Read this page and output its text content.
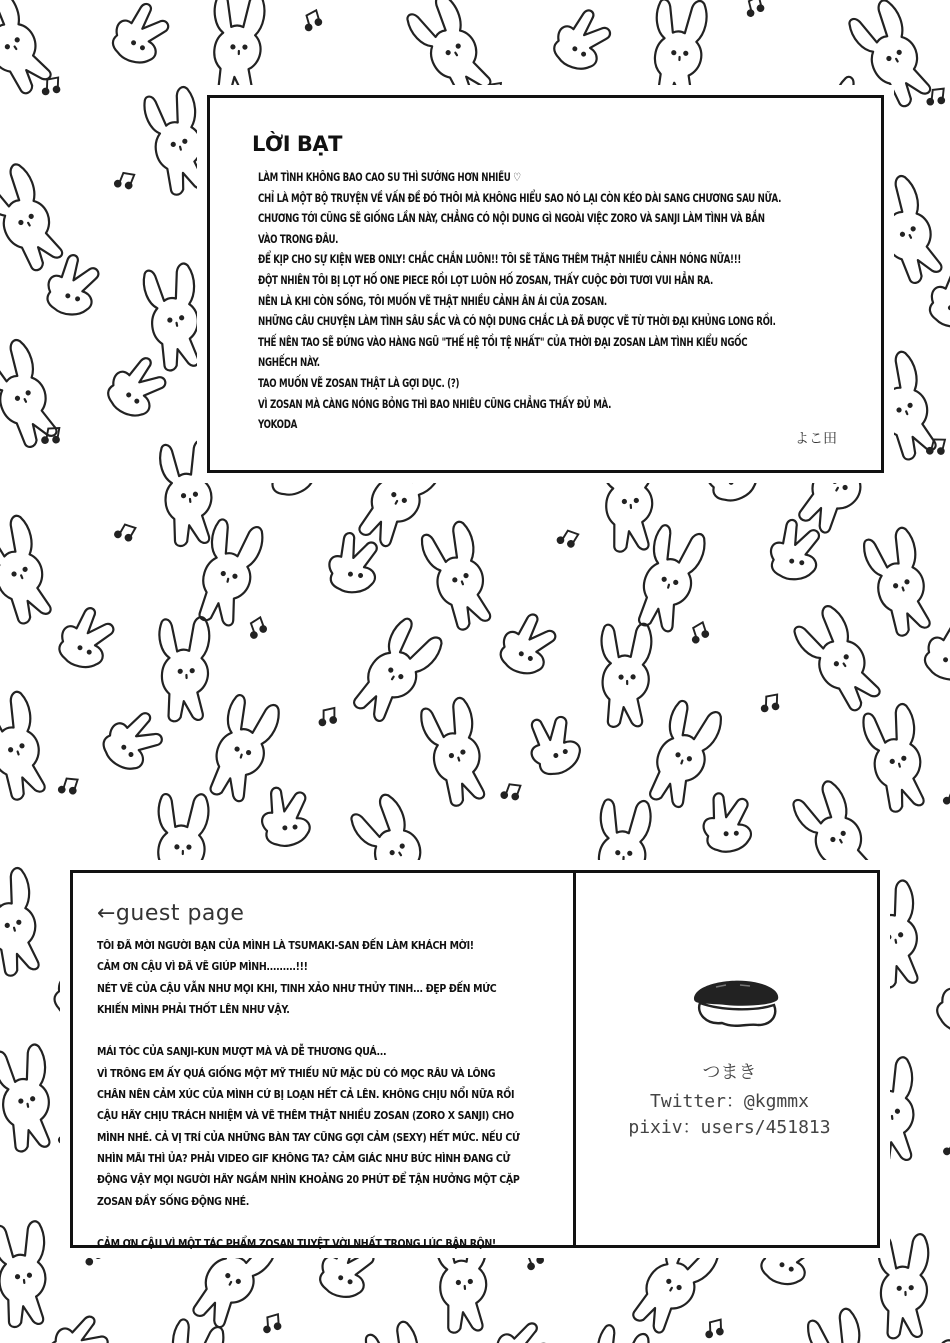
LỜI BẠT
LÀM TÌNH KHÔNG BAO CAO SU THÌ SƯỚNG HƠN NHIỀU ♡
CHỈ LÀ MỘT BỘ TRUYỆN VỀ VẤN ĐỀ ĐÓ THÔI MÀ KHÔNG HIỂU SAO NÓ LẠI CÒN KÉO DÀI SANG CHƯƠNG SAU NỮA.
CHƯƠNG TỚI CŨNG SẼ GIỐNG LẦN NÀY, CHẲNG CÓ NỘI DUNG GÌ NGOÀI VIỆC ZORO VÀ SANJI LÀM TÌNH VÀ BẮN
VÀO TRONG ĐÂU.
ĐỂ KỊP CHO SỰ KIỆN WEB ONLY! CHẮC CHẮN LUÔN!! TÔI SẼ TĂNG THÊM THẬT NHIỀU CẢNH NÓNG NỮA!!!
ĐỘT NHIÊN TÔI BỊ LỌT HỐ ONE PIECE RỒI LỌT LUÔN HỐ ZOSAN, THẤY CUỘC ĐỜI TƯƠI VUI HẲN RA.
NÊN LÀ KHI CÒN SỐNG, TÔI MUỐN VẼ THẬT NHIỀU CẢNH ÂN ÁI CỦA ZOSAN.
NHỮNG CÂU CHUYỆN LÀM TÌNH SÂU SẮC VÀ CÓ NỘI DUNG CHẮC LÀ ĐÃ ĐƯỢC VẼ TỪ THỜI ĐẠI KHỦNG LONG RỒI.
THẾ NÊN TAO SẼ ĐỨNG VÀO HÀNG NGŨ "THẾ HỆ TỒI TỆ NHẤT" CỦA THỜI ĐẠI ZOSAN LÀM TÌNH KIỂU NGỐC
NGHẾCH NÀY.
TAO MUỐN VẼ ZOSAN THẬT LÀ GỢI DỤC. (?)
VÌ ZOSAN MÀ CÀNG NÓNG BỎNG THÌ BAO NHIÊU CŨNG CHẲNG THẤY ĐỦ MÀ.
YOKODA
よこ田
←guest page
TÔI ĐÃ MỜI NGƯỜI BẠN CỦA MÌNH LÀ TSUMAKI-SAN ĐẾN LÀM KHÁCH MỜI!
CẢM ƠN CẬU VÌ ĐÃ VẼ GIÚP MÌNH.........!!!
NÉT VẼ CỦA CẬU VẪN NHƯ MỌI KHI, TINH XẢO NHƯ THỦY TINH... ĐẸP ĐẾN MỨC
KHIẾN MÌNH PHẢI THỐT LÊN NHƯ VẬY.
MÁI TÓC CỦA SANJI-KUN MƯỢT MÀ VÀ DỄ THƯƠNG QUÁ...
VÌ TRÔNG EM ẤY QUÁ GIỐNG MỘT MỸ THIẾU NỮ MẶC DÙ CÓ MỌC RÂU VÀ LÔNG
CHÂN NÊN CẢM XÚC CỦA MÌNH CỨ BỊ LOẠN HẾT CẢ LÊN. KHÔNG CHỊU NỔI NỮA RỒI
CẬU HÃY CHỊU TRÁCH NHIỆM VÀ VẼ THÊM THẬT NHIỀU ZOSAN (ZORO X SANJI) CHO
MÌNH NHÉ. CẢ VỊ TRÍ CỦA NHỮNG BÀN TAY CŨNG GỢI CẢM (SEXY) HẾT MỨC. NẾU CỨ
NHÌN MÃI THÌ ỦA? PHẢI VIDEO GIF KHÔNG TA? CẢM GIÁC NHƯ BỨC HÌNH ĐANG CỬ
ĐỘNG VẬY MỌI NGƯỜI HÃY NGẮM NHÌN KHOẢNG 20 PHÚT ĐỂ TẬN HƯỞNG MỘT CẶP
ZOSAN ĐẦY SỐNG ĐỘNG NHÉ.
CẢM ƠN CẬU VÌ MỘT TÁC PHẨM ZOSAN TUYỆT VỜI NHẤT TRONG LÚC BẬN RỘN!
つまき
Twitter：@kgmmx
pixiv：users/451813
